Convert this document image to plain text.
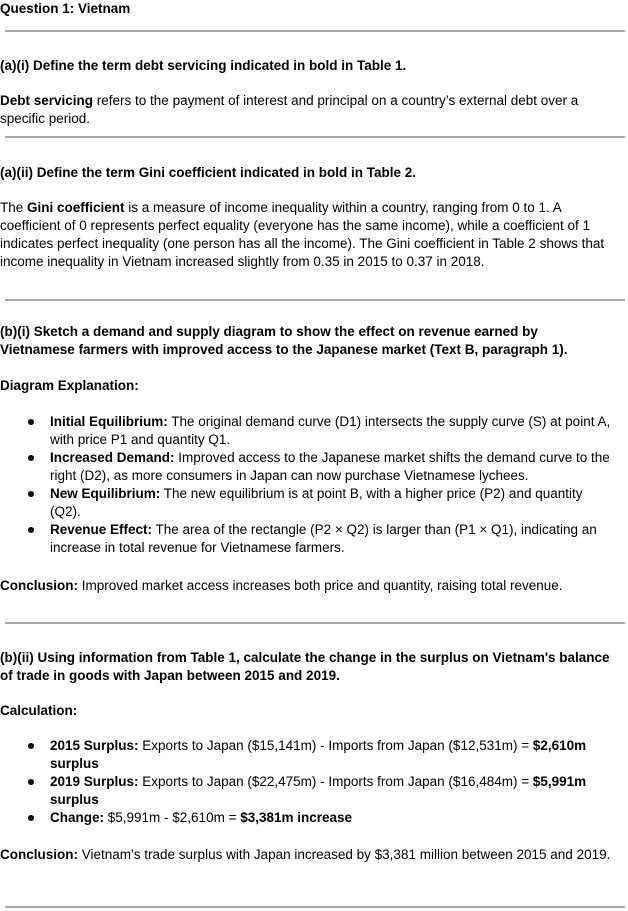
Question 1: Vietnam

(a)(i) Define the term debt servicing indicated in bold in Table 1.

Debt servicing refers to the payment of interest and principal on a country’s external debt over a specific period.

(a)(ii) Define the term Gini coefficient indicated in bold in Table 2.

The Gini coefficient is a measure of income inequality within a country, ranging from 0 to 1. A coefficient of 0 represents perfect equality (everyone has the same income), while a coefficient of 1 indicates perfect inequality (one person has all the income). The Gini coefficient in Table 2 shows that income inequality in Vietnam increased slightly from 0.35 in 2015 to 0.37 in 2018.

(b)(i) Sketch a demand and supply diagram to show the effect on revenue earned by Vietnamese farmers with improved access to the Japanese market (Text B, paragraph 1).

Diagram Explanation:

Initial Equilibrium: The original demand curve (D1) intersects the supply curve (S) at point A, with price P1 and quantity Q1.
Increased Demand: Improved access to the Japanese market shifts the demand curve to the right (D2), as more consumers in Japan can now purchase Vietnamese lychees.
New Equilibrium: The new equilibrium is at point B, with a higher price (P2) and quantity (Q2).
Revenue Effect: The area of the rectangle (P2 × Q2) is larger than (P1 × Q1), indicating an increase in total revenue for Vietnamese farmers.

Conclusion: Improved market access increases both price and quantity, raising total revenue.

(b)(ii) Using information from Table 1, calculate the change in the surplus on Vietnam's balance of trade in goods with Japan between 2015 and 2019.

Calculation:

2015 Surplus: Exports to Japan ($15,141m) - Imports from Japan ($12,531m) = $2,610m surplus
2019 Surplus: Exports to Japan ($22,475m) - Imports from Japan ($16,484m) = $5,991m surplus
Change: $5,991m - $2,610m = $3,381m increase

Conclusion: Vietnam’s trade surplus with Japan increased by $3,381 million between 2015 and 2019.
